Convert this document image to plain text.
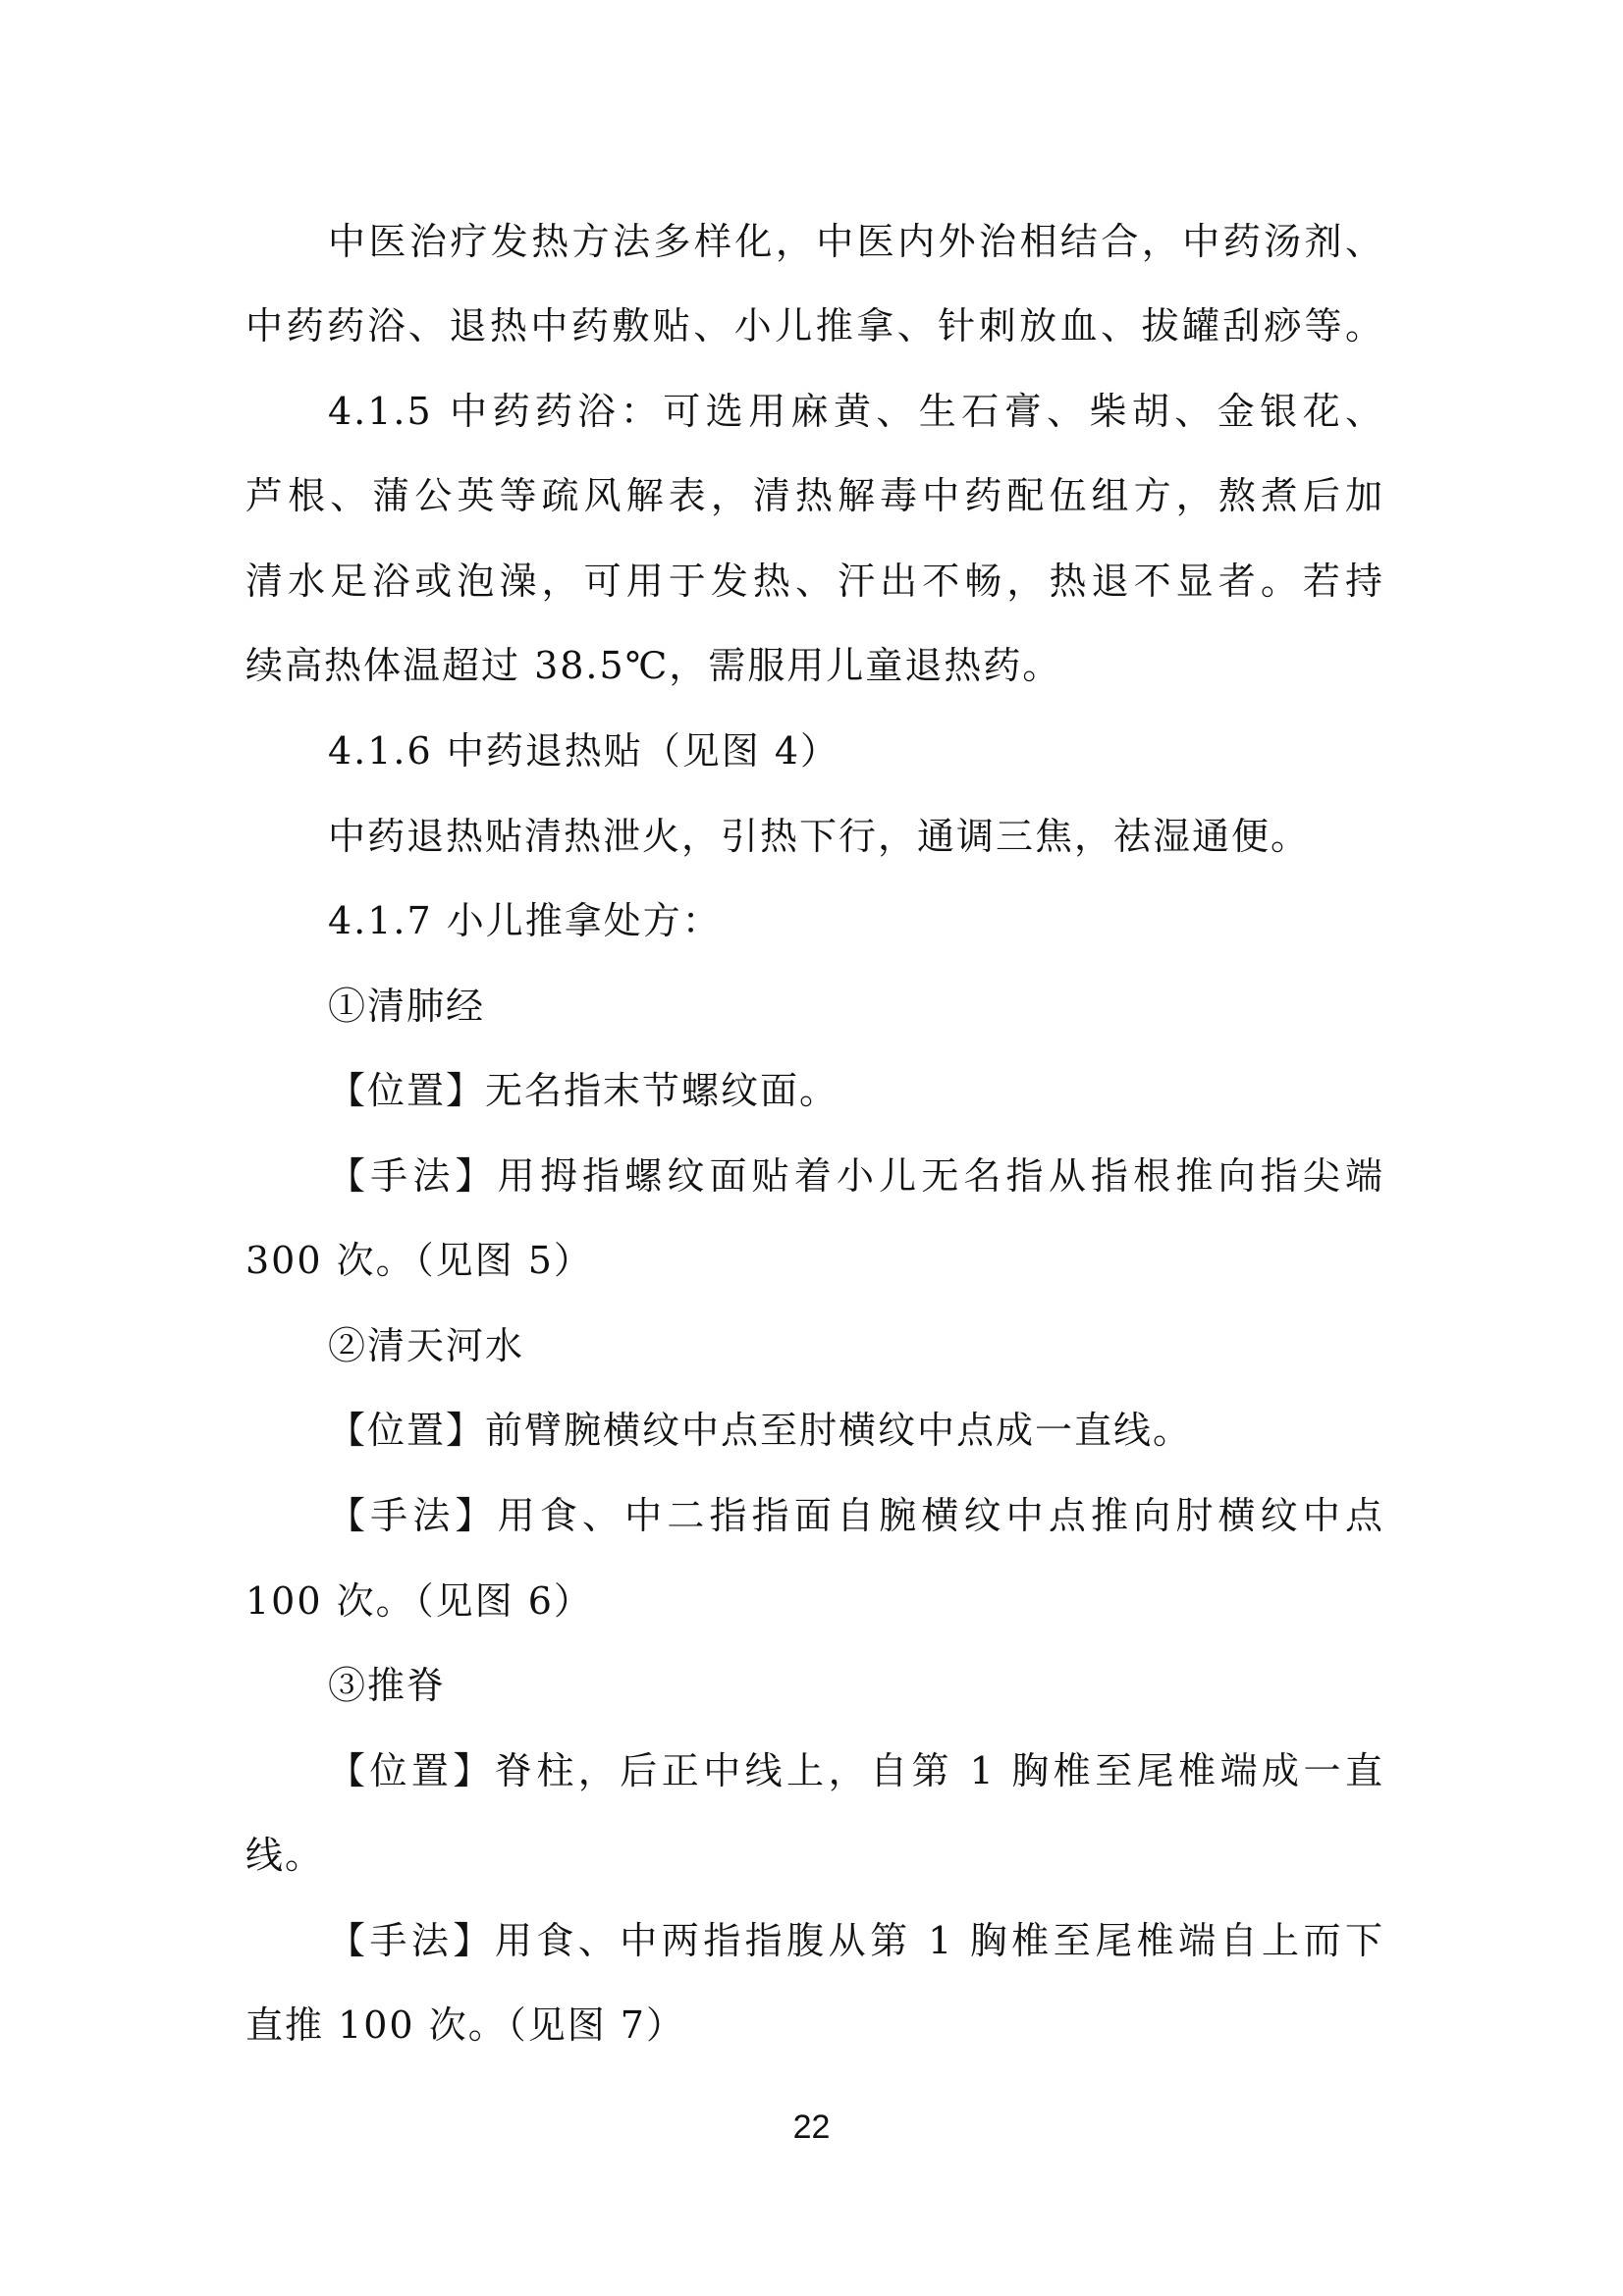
中医治疗发热方法多样化，中医内外治相结合，中药汤剂、
中药药浴、退热中药敷贴、小儿推拿、针刺放血、拔罐刮痧等。
4.1.5 中药药浴：可选用麻黄、生石膏、柴胡、金银花、
芦根、蒲公英等疏风解表，清热解毒中药配伍组方，熬煮后加
清水足浴或泡澡，可用于发热、汗出不畅，热退不显者。若持
续高热体温超过 38.5℃，需服用儿童退热药。
4.1.6 中药退热贴（见图 4）
中药退热贴清热泄火，引热下行，通调三焦，祛湿通便。
4.1.7 小儿推拿处方：
①清肺经
【位置】无名指末节螺纹面。
【手法】用拇指螺纹面贴着小儿无名指从指根推向指尖端
300 次。（见图 5）
②清天河水
【位置】前臂腕横纹中点至肘横纹中点成一直线。
【手法】用食、中二指指面自腕横纹中点推向肘横纹中点
100 次。（见图 6）
③推脊
【位置】脊柱，后正中线上，自第 1 胸椎至尾椎端成一直
线。
【手法】用食、中两指指腹从第 1 胸椎至尾椎端自上而下
直推 100 次。（见图 7）
22
